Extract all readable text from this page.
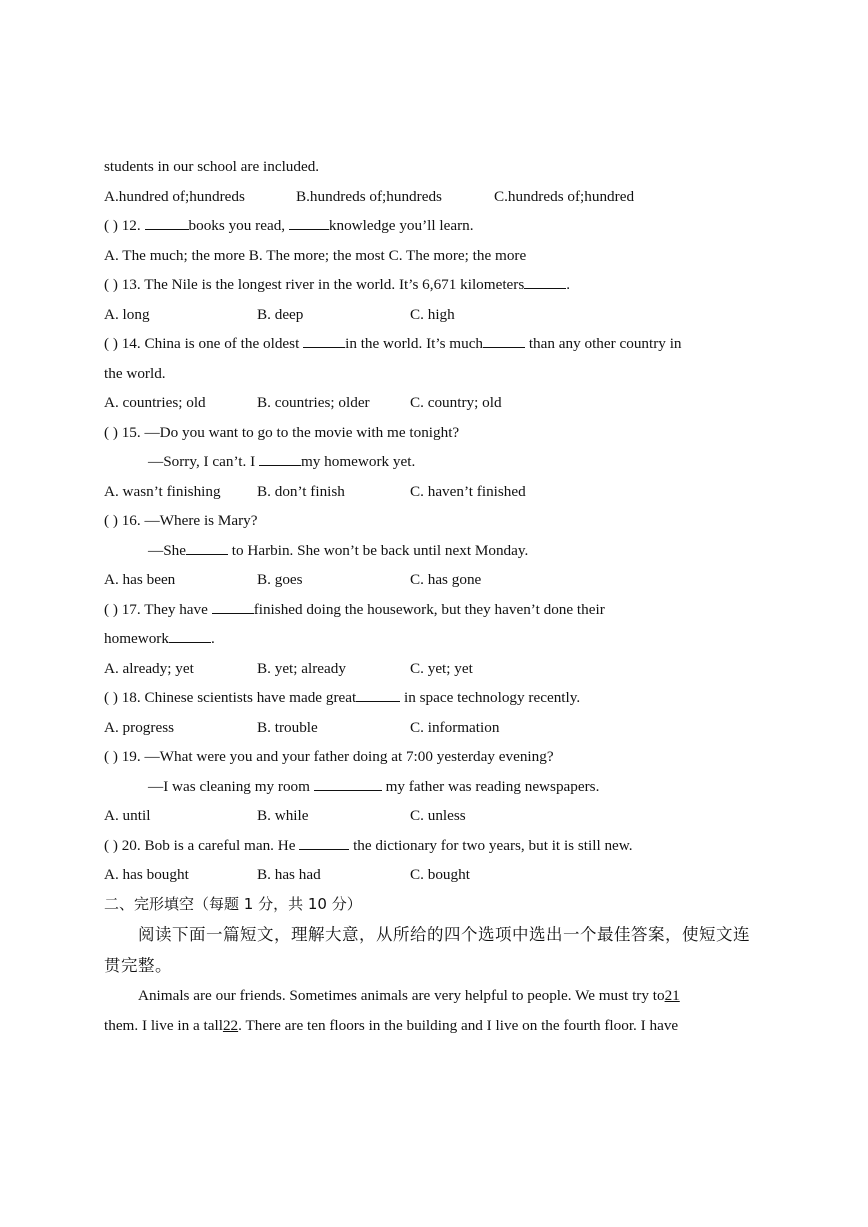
students in our school are included.
A.hundred of;hundreds	B.hundreds of;hundreds	C.hundreds of;hundred
( ) 12.	books you read,	knowledge you’ll learn.
A. The much; the more B. The more; the most C. The more; the more
( ) 13. The Nile is the longest river in the world. It’s 6,671 kilometers	.
A. long	B. deep	C. high
( ) 14. China is one of the oldest	in the world. It’s much	than any other country in
the world.
A. countries; old	B. countries; older	C. country; old
( ) 15. —Do you want to go to the movie with me tonight?
—Sorry, I can’t. I	my homework yet.
A. wasn’t finishing B. don’t finish	C. haven’t finished
( ) 16. —Where is Mary?
—She	to Harbin. She won’t be back until next Monday.
A. has been	B. goes	C. has gone
( ) 17. They have	finished doing the housework, but they haven’t done their
homework	.
A. already; yet	B. yet; already	C. yet; yet
( ) 18. Chinese scientists have made great	in space technology recently.
A. progress	B. trouble	C. information
( ) 19. —What were you and your father doing at 7:00 yesterday evening?
—I was cleaning my room	my father was reading newspapers.
A. until	B. while	C. unless
( ) 20. Bob is a careful man. He	the dictionary for two years, but it is still new.
A. has bought	B. has had	C. bought
二、完形填空（每题 1 分，共 10 分）
阅读下面一篇短文，理解大意，从所给的四个选项中选出一个最佳答案，使短文连
贯完整。
Animals are our friends. Sometimes animals are very helpful to people. We must try to21
them. I live in a tall22. There are ten floors in the building and I live on the fourth floor. I have
